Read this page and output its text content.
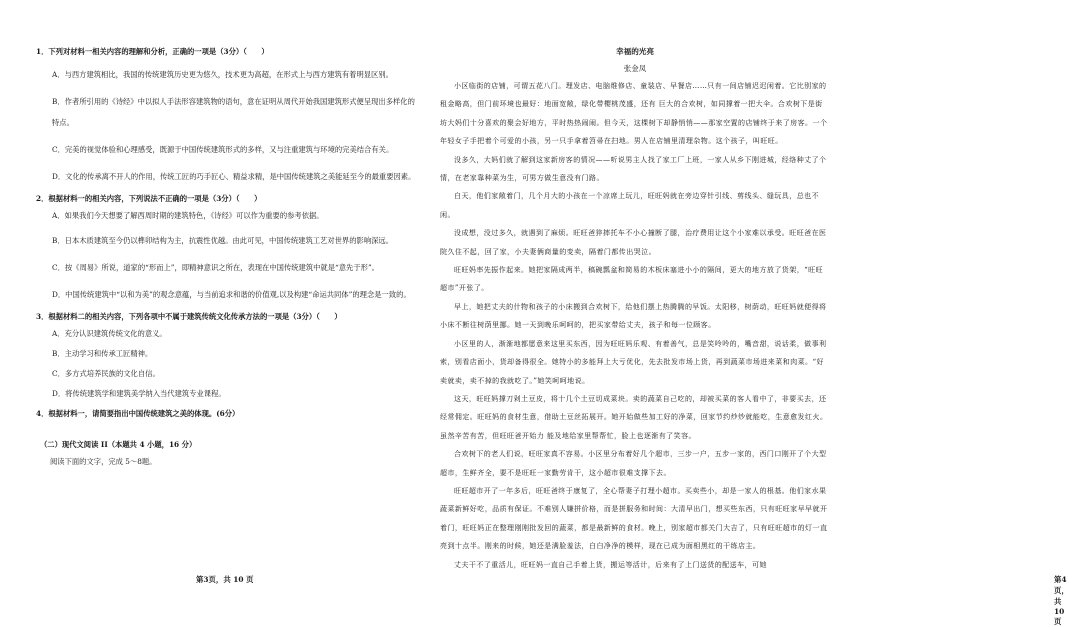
1．下列对材料一相关内容的理解和分析，正确的一项是（3分）（　　）
A．与西方建筑相比，我国的传统建筑历史更为悠久，技术更为高超，在形式上与西方建筑有着明显区别。
B．作者所引用的《诗经》中以拟人手法形容建筑物的语句，意在证明从周代开始我国建筑形式便呈现出多样化的特点。
C．完美的视觉体验和心理感受，既源于中国传统建筑形式的多样，又与注重建筑与环境的完美结合有关。
D．文化的传承离不开人的作用，传统工匠的巧手匠心、精益求精，是中国传统建筑之美能延至今的最重要因素。
2．根据材料一的相关内容，下列说法不正确的一项是（3分）（　　）
A．如果我们今天想要了解西周时期的建筑特色，《诗经》可以作为重要的参考依据。
B．日本木质建筑至今仍以榫卯结构为主，抗震性优越。由此可见，中国传统建筑工艺对世界的影响深远。
C．按《周易》所说，道家的“形而上”，即精神意识之所在，表现在中国传统建筑中就是“意先于形”。
D．中国传统建筑中“以和为美”的观念意蕴，与当前追求和谐的价值观,以及构建“命运共同体”的理念是一致的。
3．根据材料二的相关内容，下列各项中不属于建筑传统文化传承方法的一项是（3分）（　　）
A．充分认识建筑传统文化的意义。
B．主动学习和传承工匠精神。
C．多方式培养民族的文化自信。
D．将传统建筑学和建筑美学纳入当代建筑专业课程。
4．根据材料一，请简要指出中国传统建筑之美的体现。(6分）
（二）现代文阅读 II（本题共 4 小题，16 分）
阅读下面的文字，完成 5～8题。
第3页，共 10 页
幸福的光亮
张金凤

小区临街的店铺，可谓五花八门。理发店、电脑维修店、童装店、早餐店……只有一间店铺迟迟闲着。它比别家的租金略高，但门前环境也最好：地面宽敞，绿化带樱桃茂盛，还有 巨大的合欢树，如同撑着一把大伞。合欢树下是街坊大妈们十分喜欢的聚会好地方，平时热热闹闹。但今天，这棵树下却静悄悄——那家空置的店铺终于来了房客。一个年轻女子手把着个可爱的小孩，另一只手拿着笤帚在扫地。男人在店铺里清理杂物。这个孩子，叫旺旺。

没多久，大妈们就了解到这家新房客的情况——听说男主人找了家工厂上班，一家人从乡下刚进城，经络种丈了个情，在老家靠种菜为生，可男方做生意没有门路。

白天，他们家敞着门，几个月大的小孩在一个凉席上玩儿，旺旺妈就在旁边穿针引线、剪线头、缝玩具，总也不闲。

没成想，没过多久，就遇到了麻烦。旺旺爸猝摔托车不小心撞断了腿，治疗费用让这个小家难以承受。旺旺爸在医院久住不起，回了家，小夫妻俩商量的变卖，隔着门都传出哭泣。

旺旺妈率先振作起来。她把家隔成两半，稿碗瓢盆和简易的木板床塞进小小的隔间，更大的地方放了货架，“旺旺超市”开张了。

早上，她把丈夫的什物和孩子的小床搬到合欢树下，给他们摆上热腾腾的早饭。太阳移，树荫动，旺旺妈就便得将小床不断往树荫里挪。她一天到晚乐呵呵的，把买家带给丈夫，孩子和每一位顾客。

小区里的人，渐渐地都愿意来这里买东西，因为旺旺妈乐观、有着善气，总是笑呤呤的，嘴音甜，说话柔，做事利索，别看店面小，货却备得很全。她特小的多能拜上大亏优化，先去批发市场上货，再到蔬菜市场进来菜和肉菜。“好卖就卖，卖不掉的我就吃了。”她笑呵呵地说。

这天，旺旺妈撑刀剁土豆皮，将十几个土豆切成菜块。卖的蔬菜自己吃的，却被买菜的客人看中了，非要买去，还经常佣定。旺旺妈的食材生意，借助土豆丝拓展开。她开始做些加工好的净菜，回家节约炒炒就能吃，生意愈发红火。虽然辛苦有苦，但旺旺爸开始力 能及地给家里帮帮忙，脸上也逐渐有了笑容。

合欢树下的老人们说，旺旺家真不容易。小区里分布着好几个超市，三步一户，五步一家的，西门口刚开了个大型超市，生鲜齐全，要不是旺旺一家勤劳肯干，这小超市很难支撑下去。

旺旺超市开了一年多后，旺旺爸终于康复了，全心帮妻子打理小超市。买卖些小，却是一家人的根基。他们家水果蔬菜新鲜好吃，品质有保证。不难别人嫌拼价格，而是拼服务和时间：大清早出门，想买些东西，只有旺旺家早早就开着门，旺旺妈正在整理刚刚批发回的蔬菜，都是最新鲜的食材。晚上，别家超市都关门大吉了，只有旺旺超市的灯一直亮到十点半。刚来的时候，她还是满脸羞法，白白净净的模样，现在已成为面相黑红的干练店主。

丈夫干不了重活儿，旺旺妈一直自己手着上货，搬运等活计，后来有了上门送货的配送车，可她

第4页，共 10 页
